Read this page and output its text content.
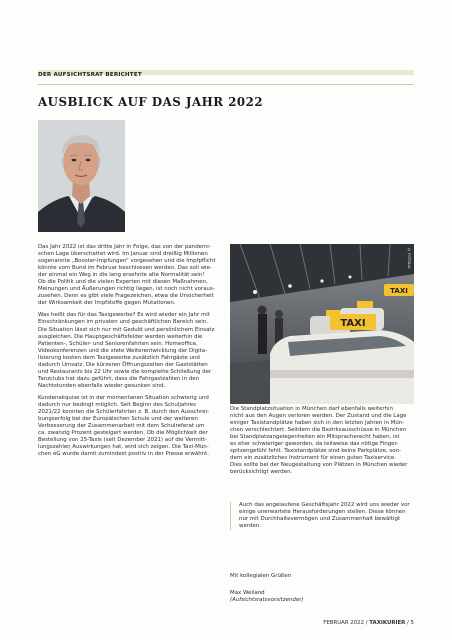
DER AUFSICHTSRAT BERICHTET
AUSBLICK AUF DAS JAHR 2022
TAXI
TAXI
© FOTOLIA

Das Jahr 2022 ist das dritte Jahr in Folge, das von der pandemi-
schen Lage überschattet wird. Im Januar sind dreißig Millionen
sogenannte „Booster-Impfungen“ vorgesehen und die Impfpflicht
könnte vom Bund im Februar beschlossen werden. Das soll wie-
der einmal ein Weg in die lang ersehnte alte Normalität sein!
Ob die Politik und die vielen Experten mit diesen Maßnahmen,
Meinungen und Äußerungen richtig liegen, ist noch nicht voraus-
zusehen. Denn es gibt viele Fragezeichen, etwa die Unsicherheit
der Wirksamkeit der Impfstoffe gegen Mutationen.

Was heißt das für das Taxigewerbe? Es wird wieder ein Jahr mit
Einschränkungen im privaten und geschäftlichen Bereich sein.
Die Situation lässt sich nur mit Geduld und persönlichem Einsatz
ausgleichen. Die Hauptgeschäftsfelder werden weiterhin die
Patienten-, Schüler- und Seniorenfahrten sein. Homeoffice,
Videokonferenzen und die stete Weiterentwicklung der Digita-
lisierung kosten dem Taxigewerbe zusätzlich Fahrgäste und
dadurch Umsatz. Die kürzeren Öffnungszeiten der Gaststätten
und Restaurants bis 22 Uhr sowie die komplette Schließung der
Tanzclubs hat dazu geführt, dass die Fahrgastzahlen in den
Nachtstunden ebenfalls wieder gesunken sind.

Kundenakquise ist in der momentanen Situation schwierig und
dadurch nur bedingt möglich. Seit Beginn des Schuljahres
2021/22 konnten die Schülerfahrten z. B. durch den Ausschrei-
bungserfolg bei der Europäischen Schule und der weiteren
Verbesserung der Zusammenarbeit mit dem Schulreferat um
ca. zwanzig Prozent gesteigert werden. Ob die Möglichkeit der
Bestellung von 25-Taxis (seit Dezember 2021) auf die Vermitt-
lungszahlen Auswirkungen hat, wird sich zeigen. Die Taxi-Mün-
chen eG wurde damit zumindest positiv in der Presse erwähnt.

Die Standplatzsituation in München darf ebenfalls weiterhin
nicht aus den Augen verloren werden. Der Zustand und die Lage
einiger Taxistandplätze haben sich in den letzten Jahren in Mün-
chen verschlechtert. Seitdem die Bezirksausschüsse in München
bei Standplatzangelegenheiten ein Mitspracherecht haben, ist
es eher schwieriger geworden, da teilweise das nötige Finger-
spitzengefühl fehlt. Taxistandplätze sind keine Parkplätze, son-
dern ein zusätzliches Instrument für einen guten Taxiservice.
Dies sollte bei der Neugestaltung von Plätzen in München wieder
berücksichtigt werden.

Auch das angelaufene Geschäftsjahr 2022 wird uns wieder vor
einige unerwartete Herausforderungen stellen. Diese können
nur mit Durchhaltevermögen und Zusammenhalt bewältigt
werden.
Mit kollegialen Grüßen
Max Weiland
(Aufsichtsratsvorsitzender)
FEBRUAR 2022 / TAXIKURIER / 5
